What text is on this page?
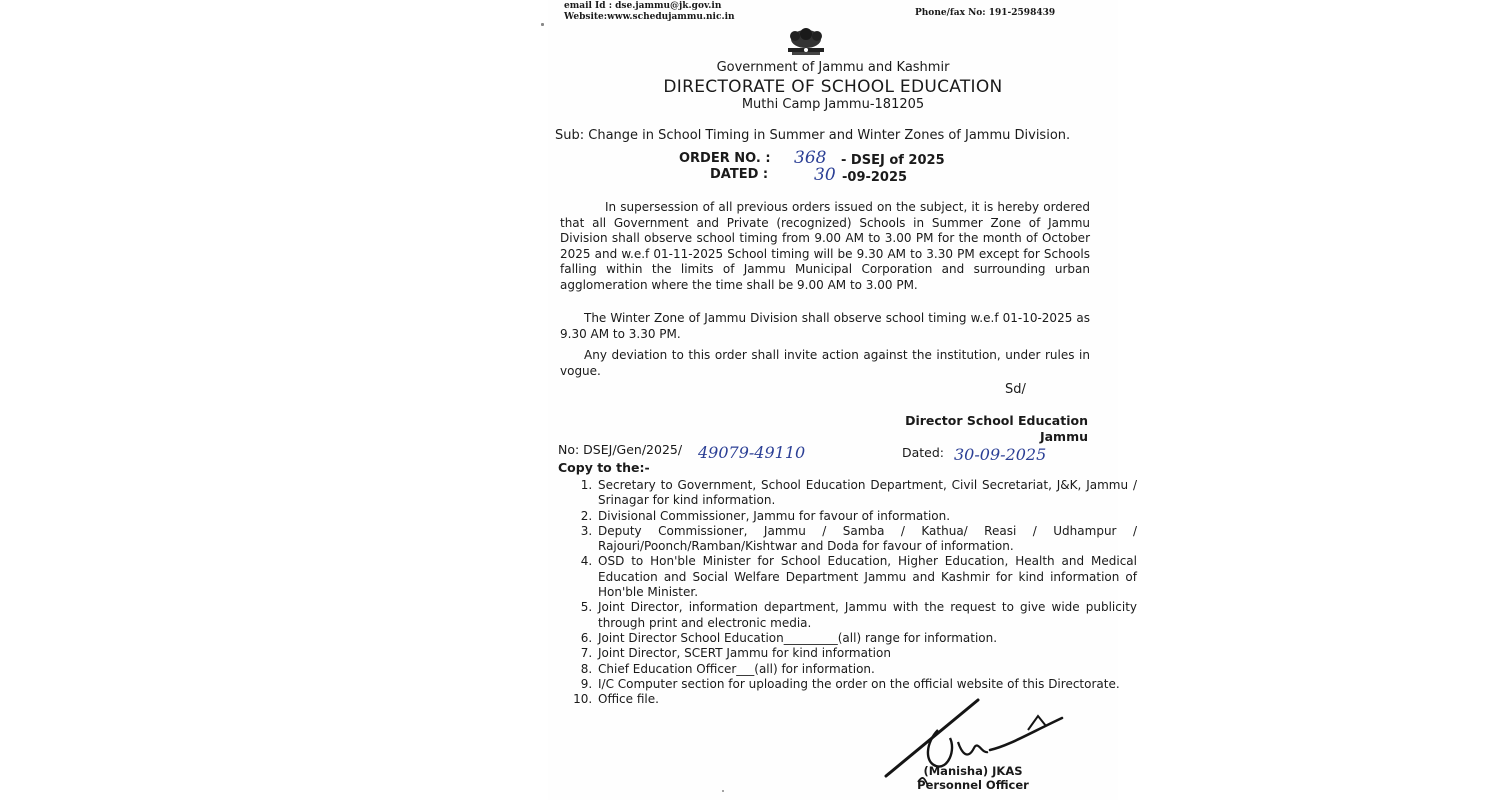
email Id : dse.jammu@jk.gov.in
Website:www.schedujammu.nic.in	Phone/fax No: 191-2598439
Government of Jammu and Kashmir
DIRECTORATE OF SCHOOL EDUCATION
Muthi Camp Jammu-181205
Sub: Change in School Timing in Summer and Winter Zones of Jammu Division.
ORDER NO. : 368 - DSEJ of 2025
DATED :	30 -09-2025
In supersession of all previous orders issued on the subject, it is hereby ordered that all Government and Private (recognized) Schools in Summer Zone of Jammu Division shall observe school timing from 9.00 AM to 3.00 PM for the month of October 2025 and w.e.f 01-11-2025 School timing will be 9.30 AM to 3.30 PM except for Schools falling within the limits of Jammu Municipal Corporation and surrounding urban agglomeration where the time shall be 9.00 AM to 3.00 PM.
The Winter Zone of Jammu Division shall observe school timing w.e.f 01-10-2025 as 9.30 AM to 3.30 PM.
Any deviation to this order shall invite action against the institution, under rules in vogue.
Sd/
Director School Education
Jammu
No: DSEJ/Gen/2025/ 49079-49110	Dated: 30-09-2025
Copy to the:-
1. Secretary to Government, School Education Department, Civil Secretariat, J&K, Jammu / Srinagar for kind information.
2. Divisional Commissioner, Jammu for favour of information.
3. Deputy Commissioner, Jammu / Samba / Kathua/ Reasi / Udhampur / Rajouri/Poonch/Ramban/Kishtwar and Doda for favour of information.
4. OSD to Hon'ble Minister for School Education, Higher Education, Health and Medical Education and Social Welfare Department Jammu and Kashmir for kind information of Hon'ble Minister.
5. Joint Director, information department, Jammu with the request to give wide publicity through print and electronic media.
6. Joint Director School Education_________(all) range for information.
7. Joint Director, SCERT Jammu for kind information
8. Chief Education Officer___(all) for information.
9. I/C Computer section for uploading the order on the official website of this Directorate.
10. Office file.
(Manisha) JKAS
Personnel Officer
